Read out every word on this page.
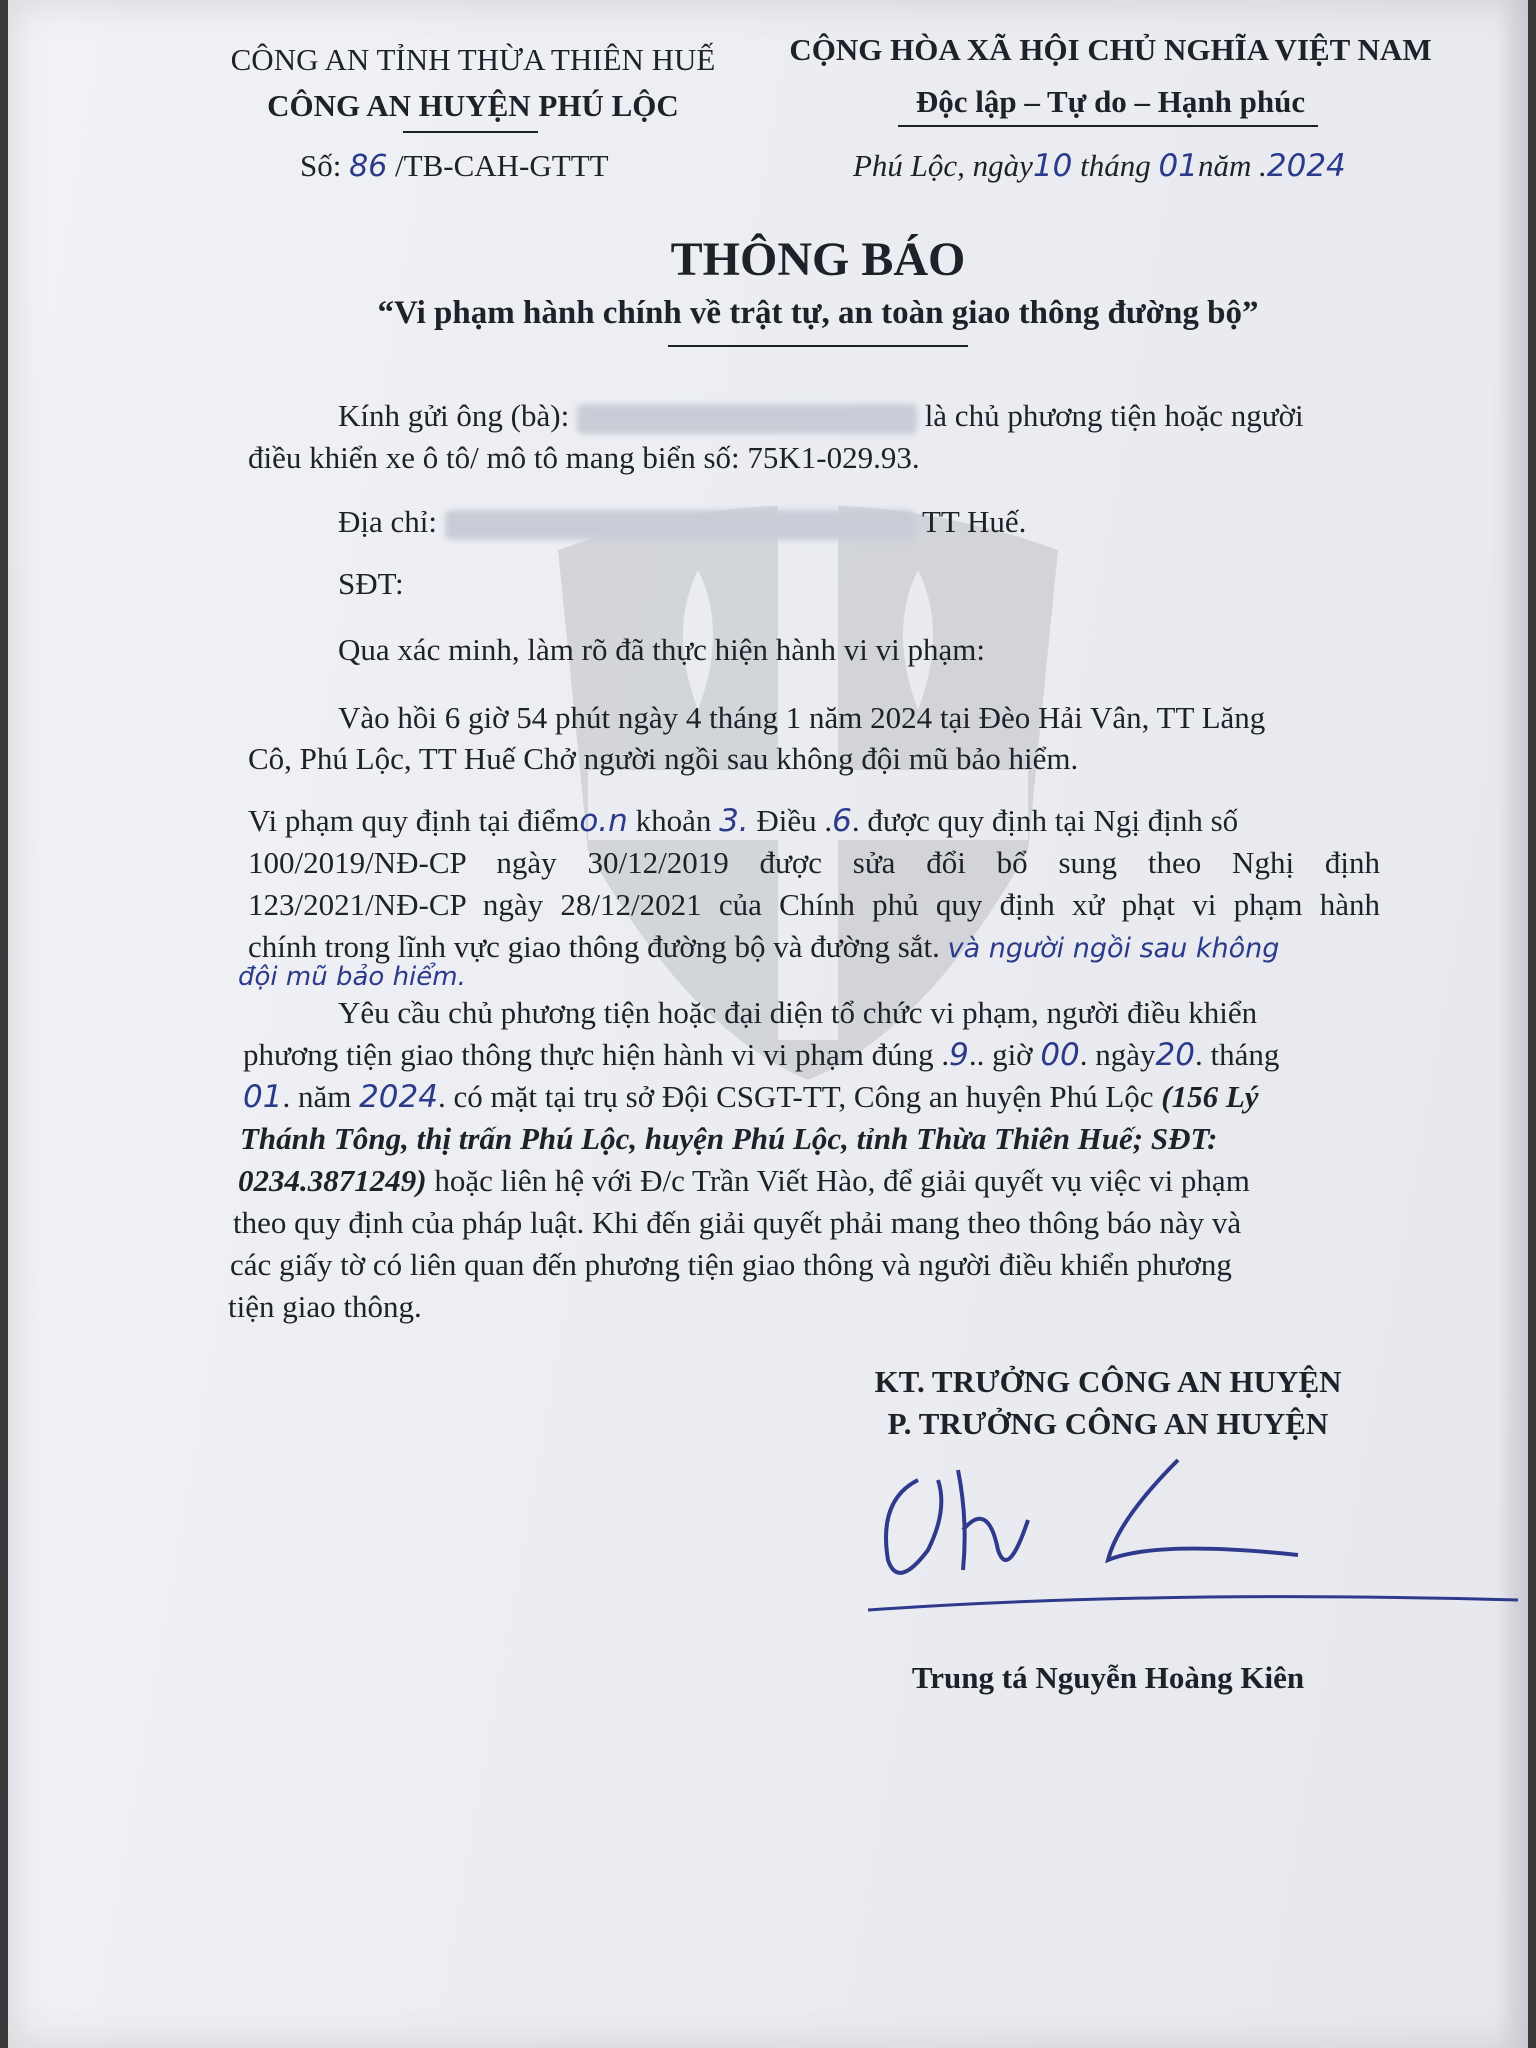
CÔNG AN TỈNH THỪA THIÊN HUẾ
CÔNG AN HUYỆN PHÚ LỘC
Số: 86 /TB-CAH-GTTT
CỘNG HÒA XÃ HỘI CHỦ NGHĨA VIỆT NAM
Độc lập – Tự do – Hạnh phúc
Phú Lộc, ngày10 tháng 01năm .2024
THÔNG BÁO
“Vi phạm hành chính về trật tự, an toàn giao thông đường bộ”
Kính gửi ông (bà):	là chủ phương tiện hoặc người
điều khiển xe ô tô/ mô tô mang biển số: 75K1-029.93.
Địa chỉ:	TT Huế.
SĐT:
Qua xác minh, làm rõ đã thực hiện hành vi vi phạm:
Vào hồi 6 giờ 54 phút ngày 4 tháng 1 năm 2024 tại Đèo Hải Vân, TT Lăng
Cô, Phú Lộc, TT Huế Chở người ngồi sau không đội mũ bảo hiểm.
Vi phạm quy định tại điểmo.n khoản 3. Điều .6. được quy định tại Ngị định số
100/2019/NĐ-CP ngày 30/12/2019 được sửa đổi bổ sung theo Nghị định
123/2021/NĐ-CP ngày 28/12/2021 của Chính phủ quy định xử phạt vi phạm hành
chính trong lĩnh vực giao thông đường bộ và đường sắt. và người ngồi sau không
đội mũ bảo hiểm.
Yêu cầu chủ phương tiện hoặc đại diện tổ chức vi phạm, người điều khiển
phương tiện giao thông thực hiện hành vi vi phạm đúng .9.. giờ 00. ngày20. tháng
01. năm 2024. có mặt tại trụ sở Đội CSGT-TT, Công an huyện Phú Lộc (156 Lý
Thánh Tông, thị trấn Phú Lộc, huyện Phú Lộc, tỉnh Thừa Thiên Huế; SĐT:
0234.3871249) hoặc liên hệ với Đ/c Trần Viết Hào, để giải quyết vụ việc vi phạm
theo quy định của pháp luật. Khi đến giải quyết phải mang theo thông báo này và
các giấy tờ có liên quan đến phương tiện giao thông và người điều khiển phương
tiện giao thông.
KT. TRƯỞNG CÔNG AN HUYỆN
P. TRƯỞNG CÔNG AN HUYỆN
Trung tá Nguyễn Hoàng Kiên
